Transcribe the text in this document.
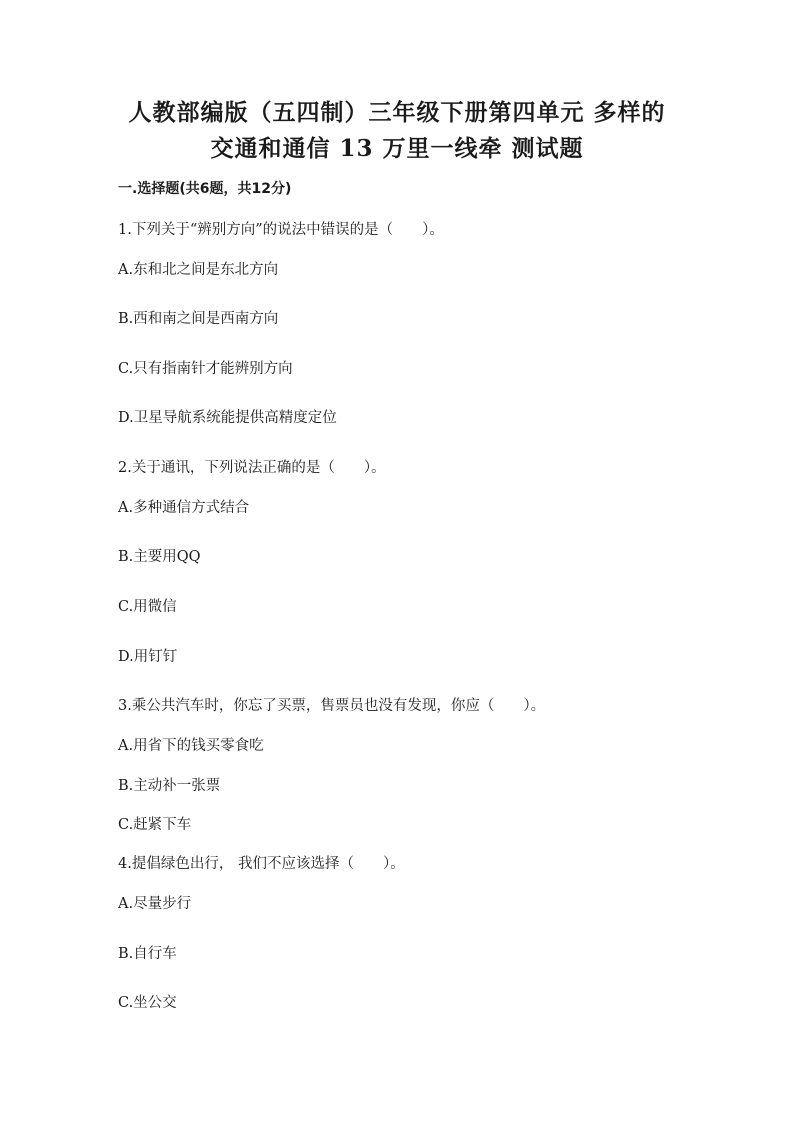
人教部编版（五四制）三年级下册第四单元 多样的
交通和通信 13 万里一线牵 测试题
一.选择题(共6题，共12分)
1.下列关于“辨别方向”的说法中错误的是（　　）。
A.东和北之间是东北方向
B.西和南之间是西南方向
C.只有指南针才能辨别方向
D.卫星导航系统能提供高精度定位
2.关于通讯，下列说法正确的是（　　）。
A.多种通信方式结合
B.主要用QQ
C.用微信
D.用钉钉
3.乘公共汽车时，你忘了买票，售票员也没有发现，你应（　　）。
A.用省下的钱买零食吃
B.主动补一张票
C.赶紧下车
4.提倡绿色出行， 我们不应该选择（　　）。
A.尽量步行
B.自行车
C.坐公交
